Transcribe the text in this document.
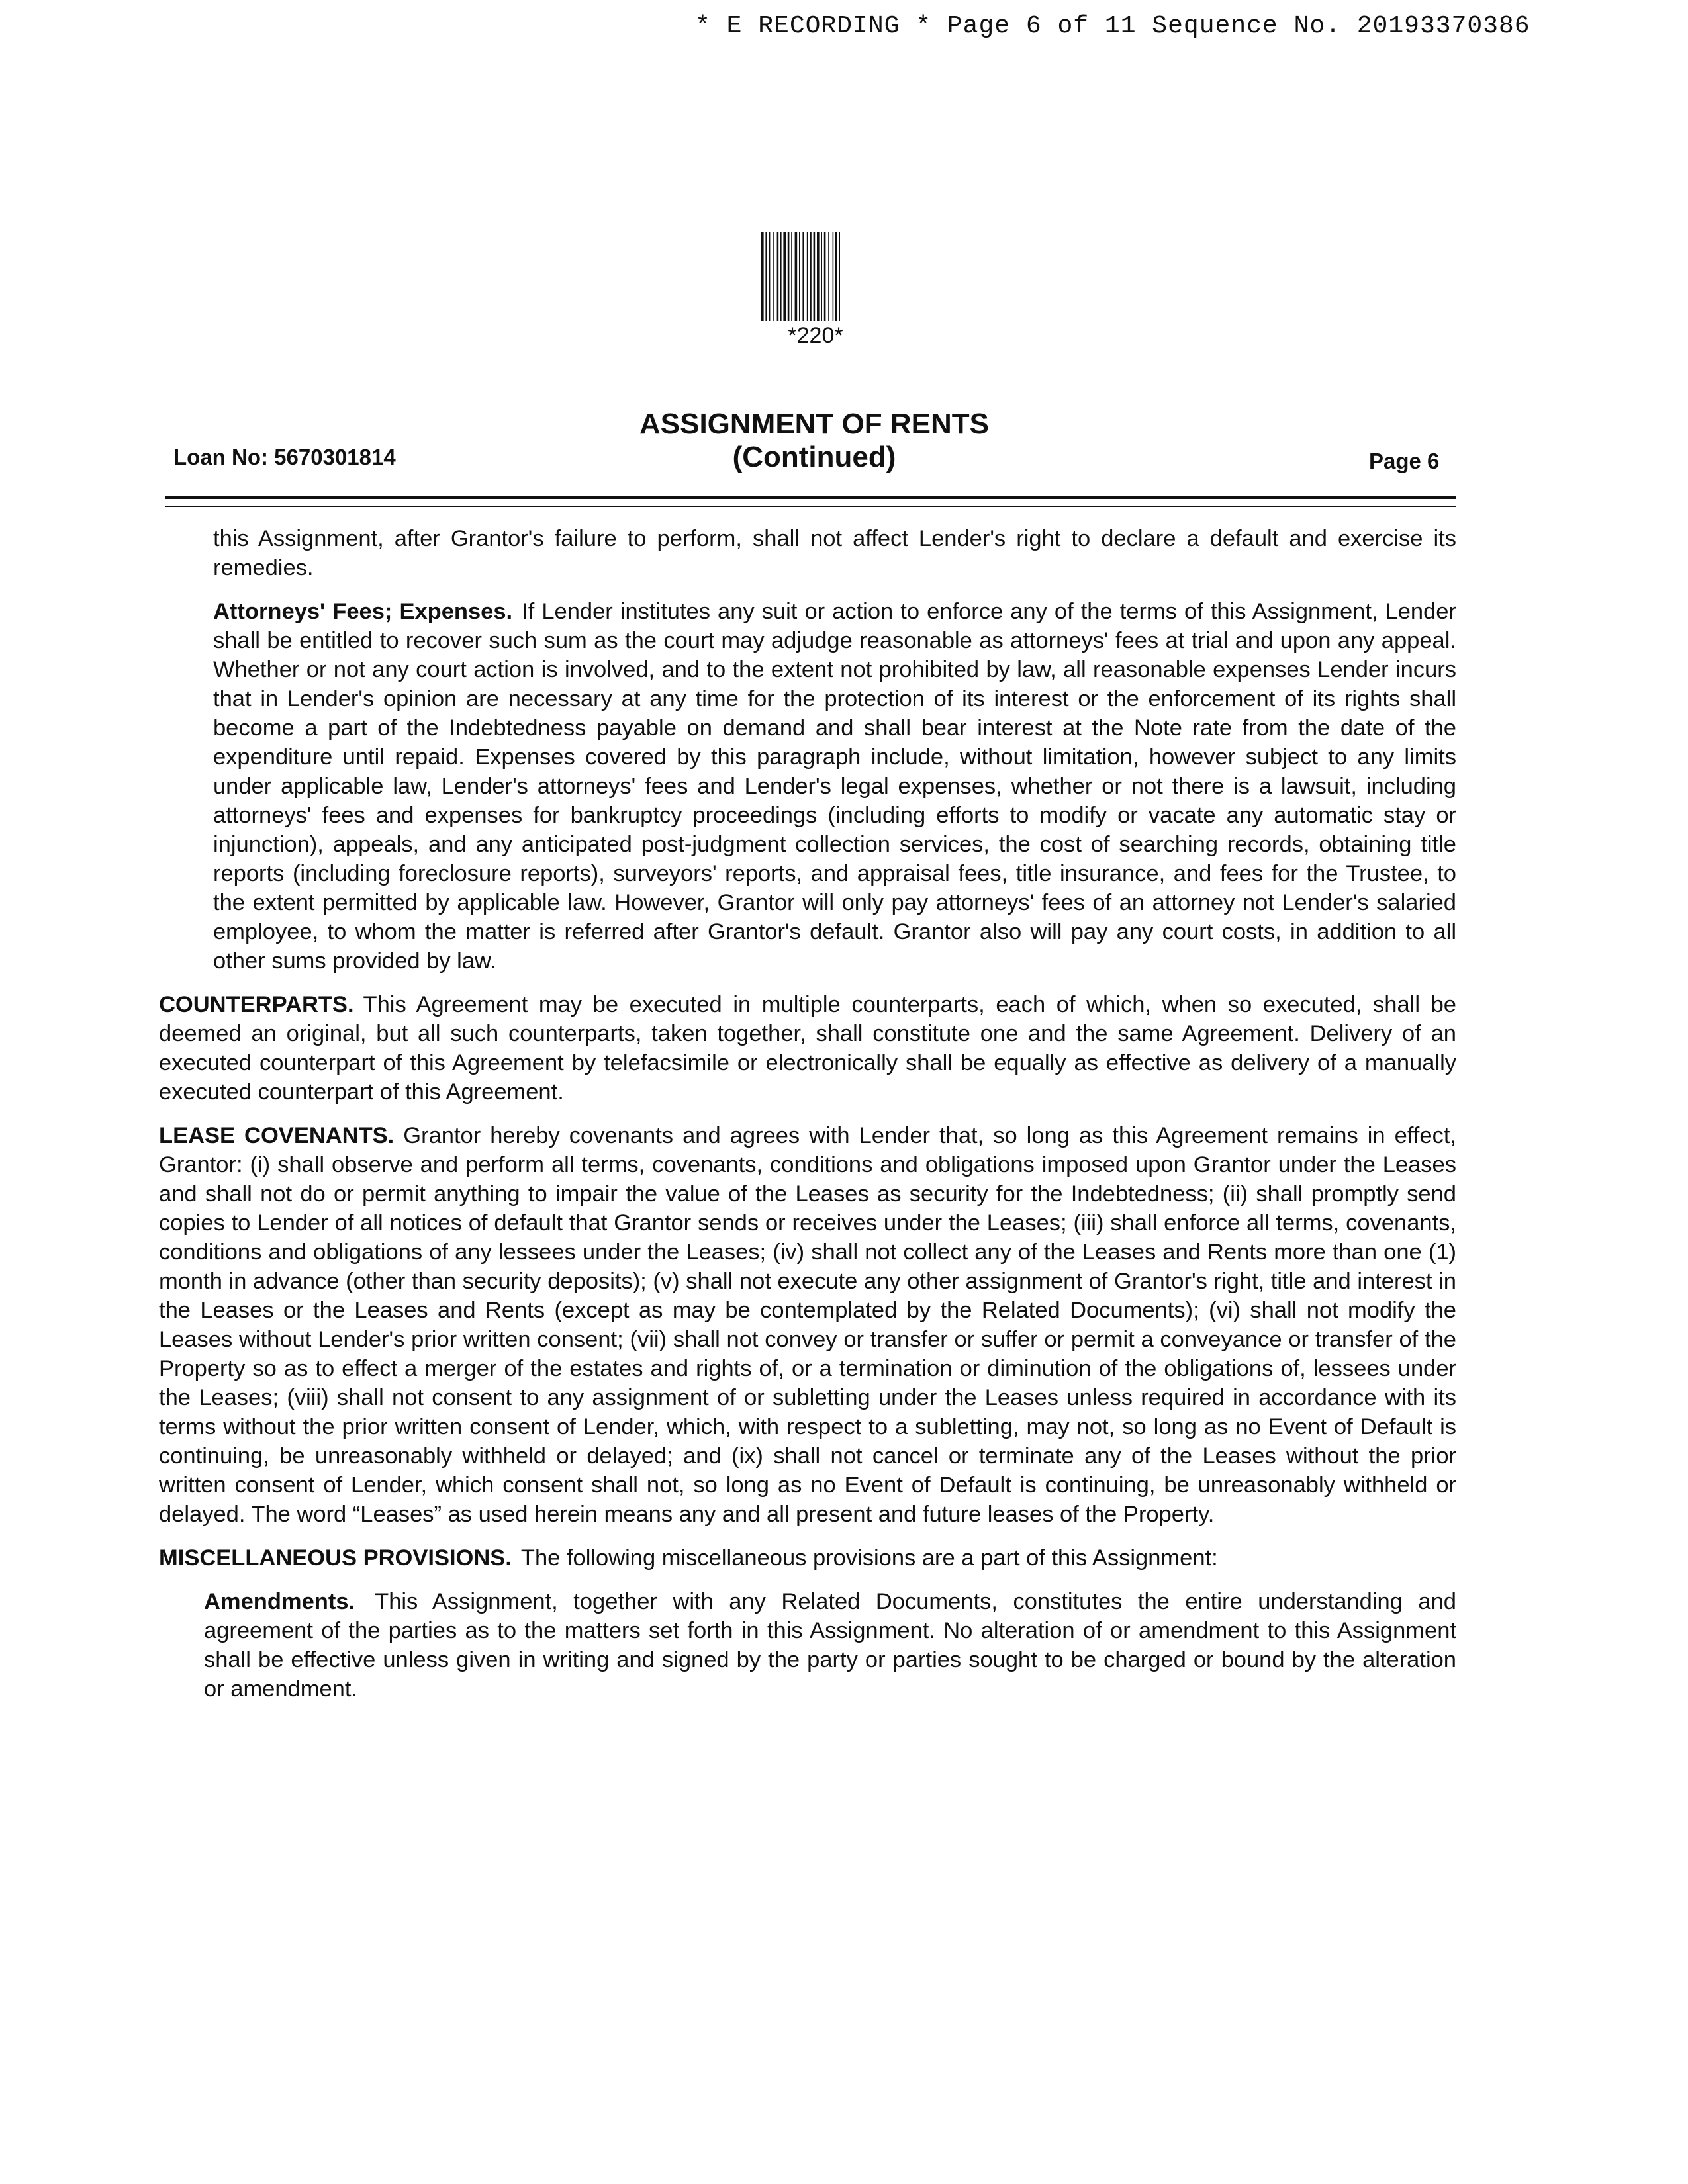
* E RECORDING * Page 6 of 11 Sequence No. 20193370386
*220*
ASSIGNMENT OF RENTS
(Continued)
Loan No: 5670301814	Page 6

this Assignment, after Grantor's failure to perform, shall not affect Lender's right to declare a default and exercise its remedies.

Attorneys' Fees; Expenses. If Lender institutes any suit or action to enforce any of the terms of this Assignment, Lender shall be entitled to recover such sum as the court may adjudge reasonable as attorneys' fees at trial and upon any appeal. Whether or not any court action is involved, and to the extent not prohibited by law, all reasonable expenses Lender incurs that in Lender's opinion are necessary at any time for the protection of its interest or the enforcement of its rights shall become a part of the Indebtedness payable on demand and shall bear interest at the Note rate from the date of the expenditure until repaid. Expenses covered by this paragraph include, without limitation, however subject to any limits under applicable law, Lender's attorneys' fees and Lender's legal expenses, whether or not there is a lawsuit, including attorneys' fees and expenses for bankruptcy proceedings (including efforts to modify or vacate any automatic stay or injunction), appeals, and any anticipated post-judgment collection services, the cost of searching records, obtaining title reports (including foreclosure reports), surveyors' reports, and appraisal fees, title insurance, and fees for the Trustee, to the extent permitted by applicable law. However, Grantor will only pay attorneys' fees of an attorney not Lender's salaried employee, to whom the matter is referred after Grantor's default. Grantor also will pay any court costs, in addition to all other sums provided by law.

COUNTERPARTS. This Agreement may be executed in multiple counterparts, each of which, when so executed, shall be deemed an original, but all such counterparts, taken together, shall constitute one and the same Agreement. Delivery of an executed counterpart of this Agreement by telefacsimile or electronically shall be equally as effective as delivery of a manually executed counterpart of this Agreement.

LEASE COVENANTS. Grantor hereby covenants and agrees with Lender that, so long as this Agreement remains in effect, Grantor: (i) shall observe and perform all terms, covenants, conditions and obligations imposed upon Grantor under the Leases and shall not do or permit anything to impair the value of the Leases as security for the Indebtedness; (ii) shall promptly send copies to Lender of all notices of default that Grantor sends or receives under the Leases; (iii) shall enforce all terms, covenants, conditions and obligations of any lessees under the Leases; (iv) shall not collect any of the Leases and Rents more than one (1) month in advance (other than security deposits); (v) shall not execute any other assignment of Grantor's right, title and interest in the Leases or the Leases and Rents (except as may be contemplated by the Related Documents); (vi) shall not modify the Leases without Lender's prior written consent; (vii) shall not convey or transfer or suffer or permit a conveyance or transfer of the Property so as to effect a merger of the estates and rights of, or a termination or diminution of the obligations of, lessees under the Leases; (viii) shall not consent to any assignment of or subletting under the Leases unless required in accordance with its terms without the prior written consent of Lender, which, with respect to a subletting, may not, so long as no Event of Default is continuing, be unreasonably withheld or delayed; and (ix) shall not cancel or terminate any of the Leases without the prior written consent of Lender, which consent shall not, so long as no Event of Default is continuing, be unreasonably withheld or delayed. The word “Leases” as used herein means any and all present and future leases of the Property.

MISCELLANEOUS PROVISIONS. The following miscellaneous provisions are a part of this Assignment:

Amendments. This Assignment, together with any Related Documents, constitutes the entire understanding and agreement of the parties as to the matters set forth in this Assignment. No alteration of or amendment to this Assignment shall be effective unless given in writing and signed by the party or parties sought to be charged or bound by the alteration or amendment.
